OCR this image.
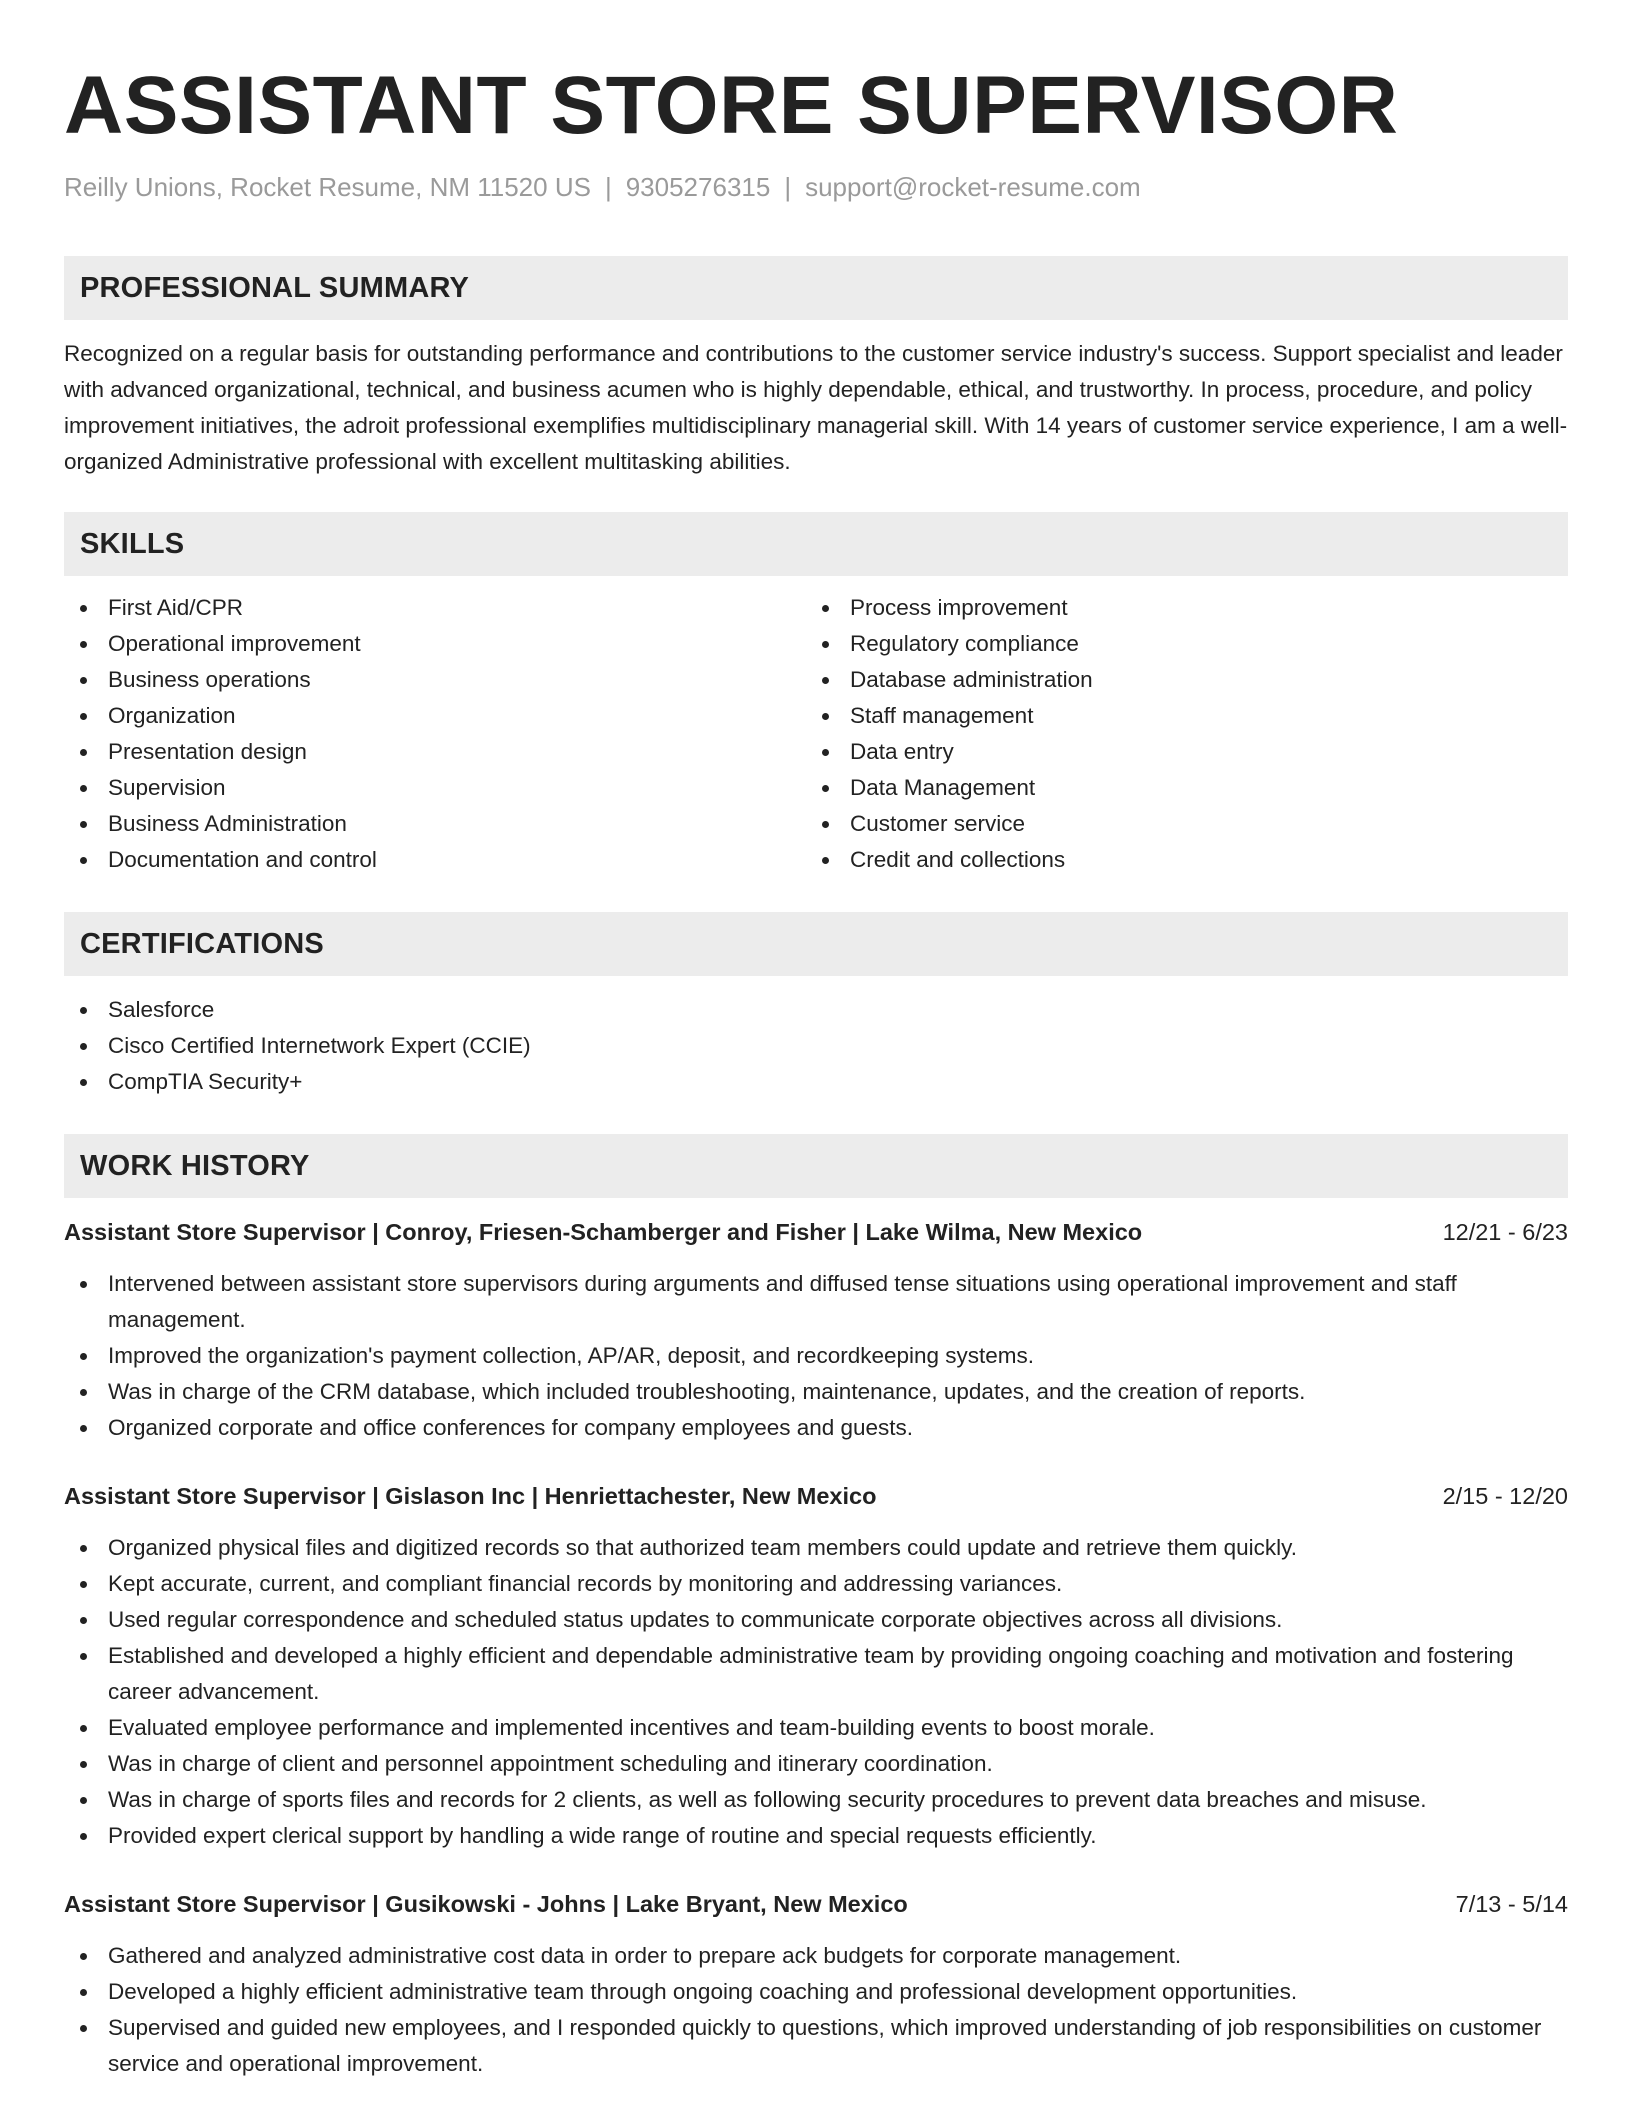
ASSISTANT STORE SUPERVISOR
Reilly Unions, Rocket Resume, NM 11520 US | 9305276315 | support@rocket-resume.com
PROFESSIONAL SUMMARY

Recognized on a regular basis for outstanding performance and contributions to the customer service industry's success. Support specialist and leader with advanced organizational, technical, and business acumen who is highly dependable, ethical, and trustworthy. In process, procedure, and policy improvement initiatives, the adroit professional exemplifies multidisciplinary managerial skill. With 14 years of customer service experience, I am a well-organized Administrative professional with excellent multitasking abilities.

SKILLS
First Aid/CPR
Operational improvement
Business operations
Organization
Presentation design
Supervision
Business Administration
Documentation and control
Process improvement
Regulatory compliance
Database administration
Staff management
Data entry
Data Management
Customer service
Credit and collections
CERTIFICATIONS
Salesforce
Cisco Certified Internetwork Expert (CCIE)
CompTIA Security+
WORK HISTORY
Assistant Store Supervisor | Conroy, Friesen-Schamberger and Fisher | Lake Wilma, New Mexico	12/21 - 6/23
Intervened between assistant store supervisors during arguments and diffused tense situations using operational improvement and staff management.
Improved the organization's payment collection, AP/AR, deposit, and recordkeeping systems.
Was in charge of the CRM database, which included troubleshooting, maintenance, updates, and the creation of reports.
Organized corporate and office conferences for company employees and guests.
Assistant Store Supervisor | Gislason Inc | Henriettachester, New Mexico	2/15 - 12/20
Organized physical files and digitized records so that authorized team members could update and retrieve them quickly.
Kept accurate, current, and compliant financial records by monitoring and addressing variances.
Used regular correspondence and scheduled status updates to communicate corporate objectives across all divisions.
Established and developed a highly efficient and dependable administrative team by providing ongoing coaching and motivation and fostering career advancement.
Evaluated employee performance and implemented incentives and team-building events to boost morale.
Was in charge of client and personnel appointment scheduling and itinerary coordination.
Was in charge of sports files and records for 2 clients, as well as following security procedures to prevent data breaches and misuse.
Provided expert clerical support by handling a wide range of routine and special requests efficiently.
Assistant Store Supervisor | Gusikowski - Johns | Lake Bryant, New Mexico	7/13 - 5/14
Gathered and analyzed administrative cost data in order to prepare ack budgets for corporate management.
Developed a highly efficient administrative team through ongoing coaching and professional development opportunities.
Supervised and guided new employees, and I responded quickly to questions, which improved understanding of job responsibilities on customer service and operational improvement.
